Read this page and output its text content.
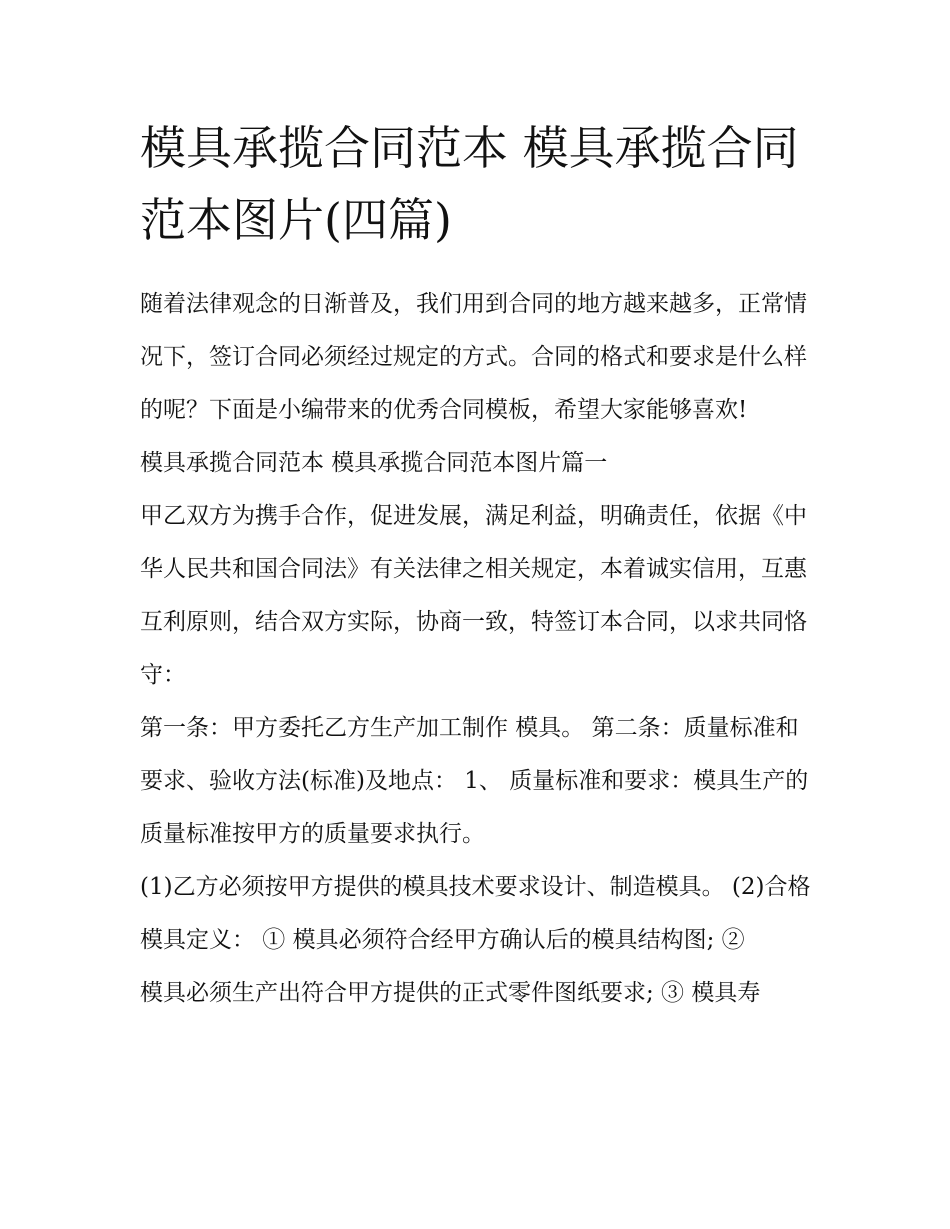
模具承揽合同范本 模具承揽合同范本图片(四篇)

随着法律观念的日渐普及，我们用到合同的地方越来越多，正常情况下，签订合同必须经过规定的方式。合同的格式和要求是什么样的呢？下面是小编带来的优秀合同模板，希望大家能够喜欢!

模具承揽合同范本 模具承揽合同范本图片篇一

甲乙双方为携手合作，促进发展，满足利益，明确责任，依据《中华人民共和国合同法》有关法律之相关规定，本着诚实信用，互惠互利原则，结合双方实际，协商一致，特签订本合同，以求共同恪守：

第一条：甲方委托乙方生产加工制作 模具。 第二条：质量标准和要求、验收方法(标准)及地点： 1、 质量标准和要求：模具生产的质量标准按甲方的质量要求执行。

(1)乙方必须按甲方提供的模具技术要求设计、制造模具。 (2)合格模具定义： ① 模具必须符合经甲方确认后的模具结构图; ②

模具必须生产出符合甲方提供的正式零件图纸要求; ③ 模具寿
